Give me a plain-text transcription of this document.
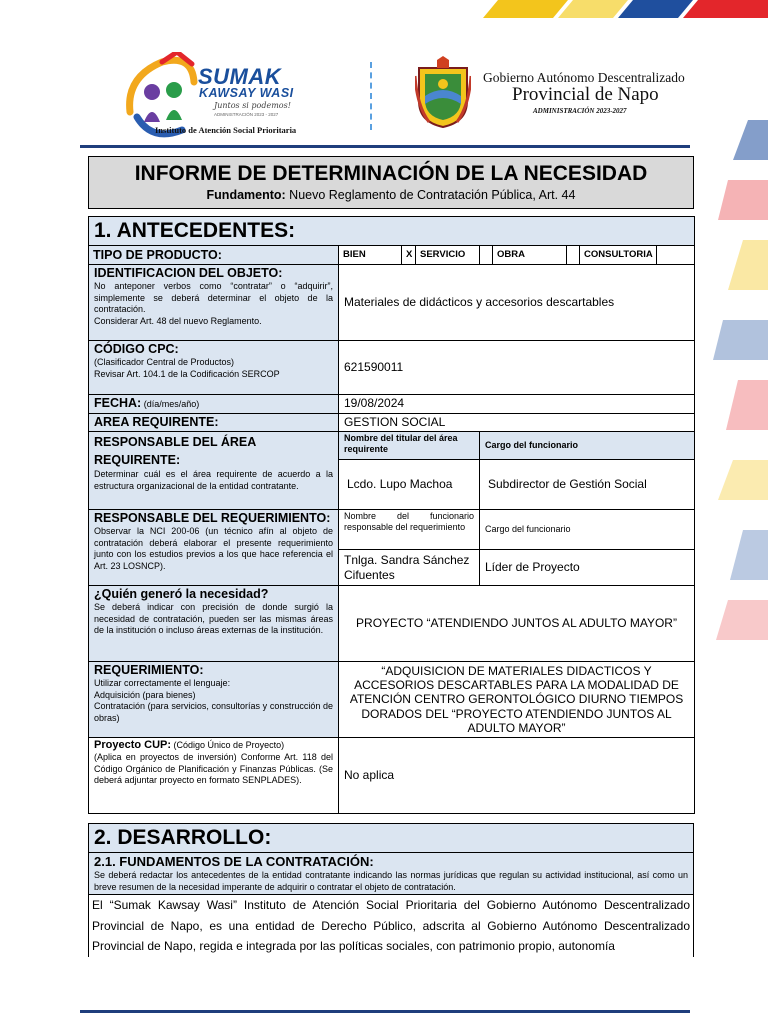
SUMAK
KAWSAY WASI
Juntos si podemos!
ADMINISTRACIÓN 2023 - 2027
Instituto de Atención Social Prioritaria
Gobierno Autónomo Descentralizado
Provincial de Napo
ADMINISTRACIÓN 2023-2027
INFORME DE DETERMINACIÓN DE LA NECESIDAD
Fundamento: Nuevo Reglamento de Contratación Pública, Art. 44
1. ANTECEDENTES:								
TIPO DE PRODUCTO:	BIEN	X	SERVICIO		OBRA		CONSULTORIA	
IDENTIFICACION DEL OBJETO:
No anteponer verbos como “contratar” o “adquirir”, simplemente se deberá determinar el objeto de la contratación.
Considerar Art. 48 del nuevo Reglamento.	Materiales de didácticos y accesorios descartables							
CÓDIGO CPC:
(Clasificador Central de Productos)
Revisar Art. 104.1 de la Codificación SERCOP	621590011							
FECHA: (día/mes/año)	19/08/2024							
AREA REQUIRENTE:	GESTION SOCIAL							

RESPONSABLE DEL ÁREA REQUIRENTE:
Determinar cuál es el área requirente de acuerdo a la estructura organizacional de la entidad contratante.	Nombre del titular del área requirente			Cargo del funcionario				
	Lcdo. Lupo Machoa			Subdirector de Gestión Social				
RESPONSABLE DEL REQUERIMIENTO:
Observar la NCI 200-06 (un técnico afín al objeto de contratación deberá elaborar el presente requerimiento junto con los estudios previos a los que hace referencia el Art. 23 LOSNCP).	Nombre del funcionario responsable del requerimiento			Cargo del funcionario				
	Tnlga. Sandra Sánchez Cifuentes			Líder de Proyecto				
¿Quién generó la necesidad?
Se deberá indicar con precisión de donde surgió la necesidad de contratación, pueden ser las mismas áreas de la institución o incluso áreas externas de la institución.	PROYECTO “ATENDIENDO JUNTOS AL ADULTO MAYOR”							
REQUERIMIENTO:
Utilizar correctamente el lenguaje:
Adquisición (para bienes)
Contratación (para servicios, consultorías y construcción de obras)	“ADQUISICION DE MATERIALES DIDACTICOS Y ACCESORIOS DESCARTABLES PARA LA MODALIDAD DE ATENCIÓN CENTRO GERONTOLÓGICO DIURNO TIEMPOS DORADOS DEL “PROYECTO ATENDIENDO JUNTOS AL ADULTO MAYOR”							
Proyecto CUP: (Código Único de Proyecto)
(Aplica en proyectos de inversión) Conforme Art. 118 del Código Orgánico de Planificación y Finanzas Públicas. (Se deberá adjuntar proyecto en formato SENPLADES).	No aplica							
2. DESARROLLO:
2.1. FUNDAMENTOS DE LA CONTRATACIÓN:
Se deberá redactar los antecedentes de la entidad contratante indicando las normas jurídicas que regulan su actividad institucional, así como un breve resumen de la necesidad imperante de adquirir o contratar el objeto de contratación.

El “Sumak Kawsay Wasi” Instituto de Atención Social Prioritaria del Gobierno Autónomo Descentralizado Provincial de Napo, es una entidad de Derecho Público, adscrita al Gobierno Autónomo Descentralizado Provincial de Napo, regida e integrada por las políticas sociales, con patrimonio propio, autonomía
